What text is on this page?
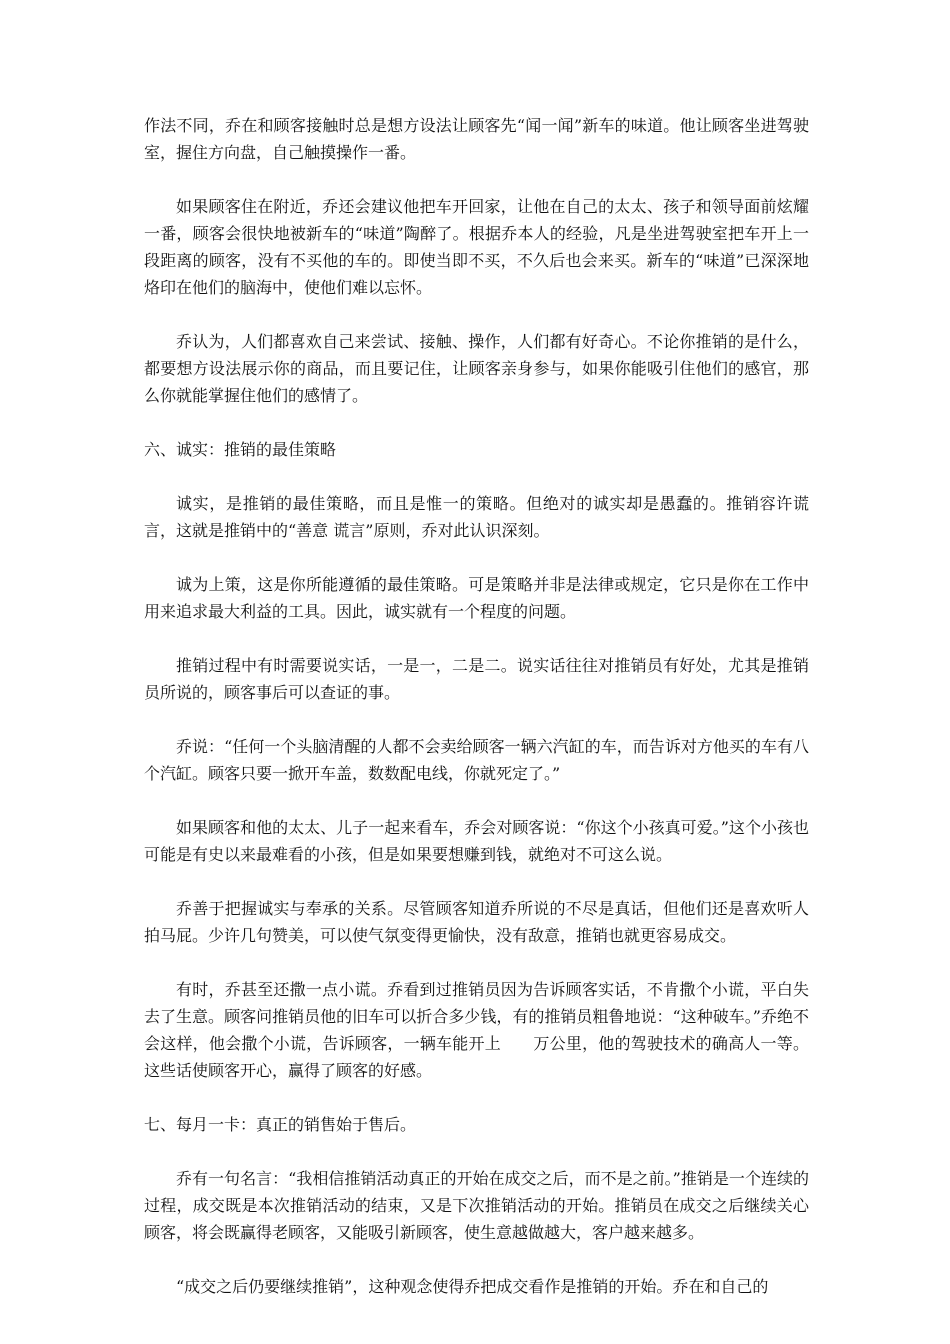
作法不同，乔在和顾客接触时总是想方设法让顾客先“闻一闻”新车的味道。他让顾客坐进驾驶室，握住方向盘，自己触摸操作一番。

如果顾客住在附近，乔还会建议他把车开回家，让他在自己的太太、孩子和领导面前炫耀一番，顾客会很快地被新车的“味道”陶醉了。根据乔本人的经验，凡是坐进驾驶室把车开上一段距离的顾客，没有不买他的车的。即使当即不买，不久后也会来买。新车的“味道”已深深地烙印在他们的脑海中，使他们难以忘怀。

乔认为，人们都喜欢自己来尝试、接触、操作，人们都有好奇心。不论你推销的是什么，都要想方设法展示你的商品，而且要记住，让顾客亲身参与，如果你能吸引住他们的感官，那么你就能掌握住他们的感情了。

六、诚实：推销的最佳策略

诚实，是推销的最佳策略，而且是惟一的策略。但绝对的诚实却是愚蠢的。推销容许谎言，这就是推销中的“善意 谎言”原则，乔对此认识深刻。

诚为上策，这是你所能遵循的最佳策略。可是策略并非是法律或规定，它只是你在工作中用来追求最大利益的工具。因此，诚实就有一个程度的问题。

推销过程中有时需要说实话，一是一，二是二。说实话往往对推销员有好处，尤其是推销员所说的，顾客事后可以查证的事。

乔说：“任何一个头脑清醒的人都不会卖给顾客一辆六汽缸的车，而告诉对方他买的车有八个汽缸。顾客只要一掀开车盖，数数配电线，你就死定了。”

如果顾客和他的太太、儿子一起来看车，乔会对顾客说：“你这个小孩真可爱。”这个小孩也可能是有史以来最难看的小孩，但是如果要想赚到钱，就绝对不可这么说。

乔善于把握诚实与奉承的关系。尽管顾客知道乔所说的不尽是真话，但他们还是喜欢听人拍马屁。少许几句赞美，可以使气氛变得更愉快，没有敌意，推销也就更容易成交。

有时，乔甚至还撒一点小谎。乔看到过推销员因为告诉顾客实话，不肯撒个小谎，平白失去了生意。顾客问推销员他的旧车可以折合多少钱，有的推销员粗鲁地说：“这种破车。”乔绝不会这样，他会撒个小谎，告诉顾客，一辆车能开上　　万公里，他的驾驶技术的确高人一等。这些话使顾客开心，赢得了顾客的好感。

七、每月一卡：真正的销售始于售后。

乔有一句名言：“我相信推销活动真正的开始在成交之后，而不是之前。”推销是一个连续的过程，成交既是本次推销活动的结束，又是下次推销活动的开始。推销员在成交之后继续关心顾客，将会既赢得老顾客，又能吸引新顾客，使生意越做越大，客户越来越多。

“成交之后仍要继续推销”，这种观念使得乔把成交看作是推销的开始。乔在和自己的
